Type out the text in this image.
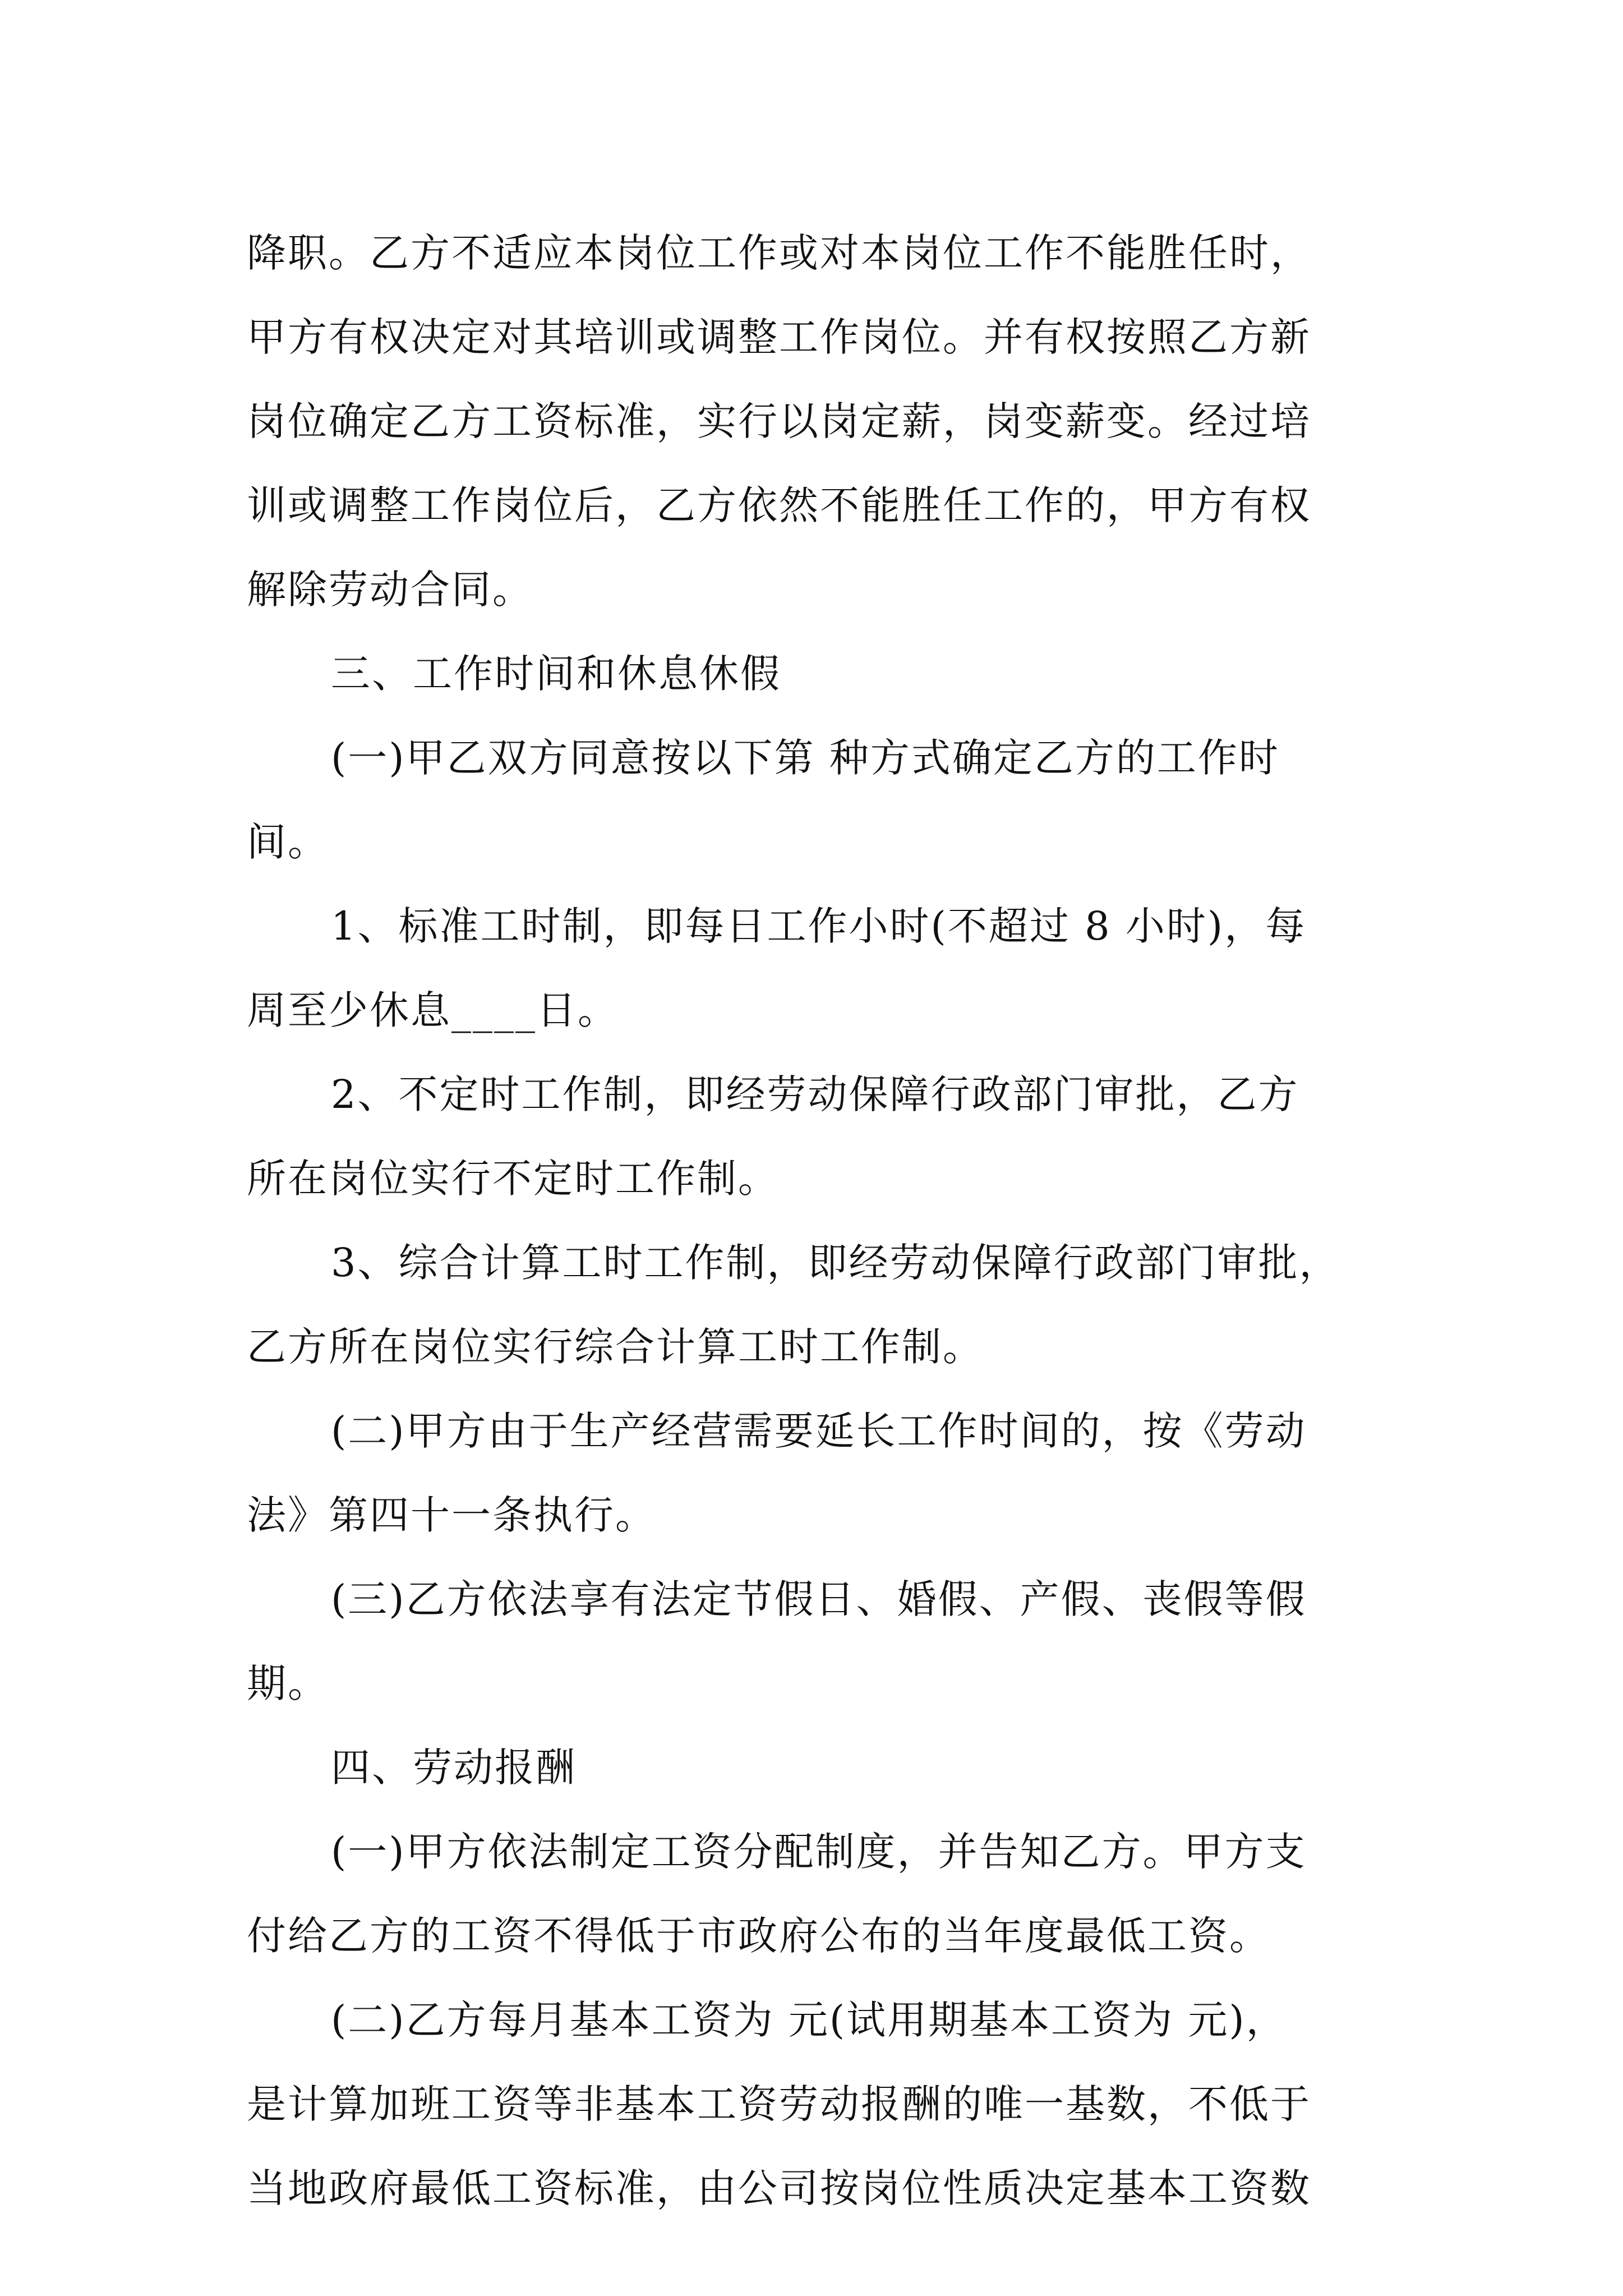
降职。乙方不适应本岗位工作或对本岗位工作不能胜任时，
甲方有权决定对其培训或调整工作岗位。并有权按照乙方新
岗位确定乙方工资标准，实行以岗定薪，岗变薪变。经过培
训或调整工作岗位后，乙方依然不能胜任工作的，甲方有权
解除劳动合同。
三、工作时间和休息休假
(一)甲乙双方同意按以下第 种方式确定乙方的工作时
间。
1、标准工时制，即每日工作小时(不超过 8 小时)，每
周至少休息____日。
2、不定时工作制，即经劳动保障行政部门审批，乙方
所在岗位实行不定时工作制。
3、综合计算工时工作制，即经劳动保障行政部门审批，
乙方所在岗位实行综合计算工时工作制。
(二)甲方由于生产经营需要延长工作时间的，按《劳动
法》第四十一条执行。
(三)乙方依法享有法定节假日、婚假、产假、丧假等假
期。
四、劳动报酬
(一)甲方依法制定工资分配制度，并告知乙方。甲方支
付给乙方的工资不得低于市政府公布的当年度最低工资。
(二)乙方每月基本工资为 元(试用期基本工资为 元)，
是计算加班工资等非基本工资劳动报酬的唯一基数，不低于
当地政府最低工资标准，由公司按岗位性质决定基本工资数
